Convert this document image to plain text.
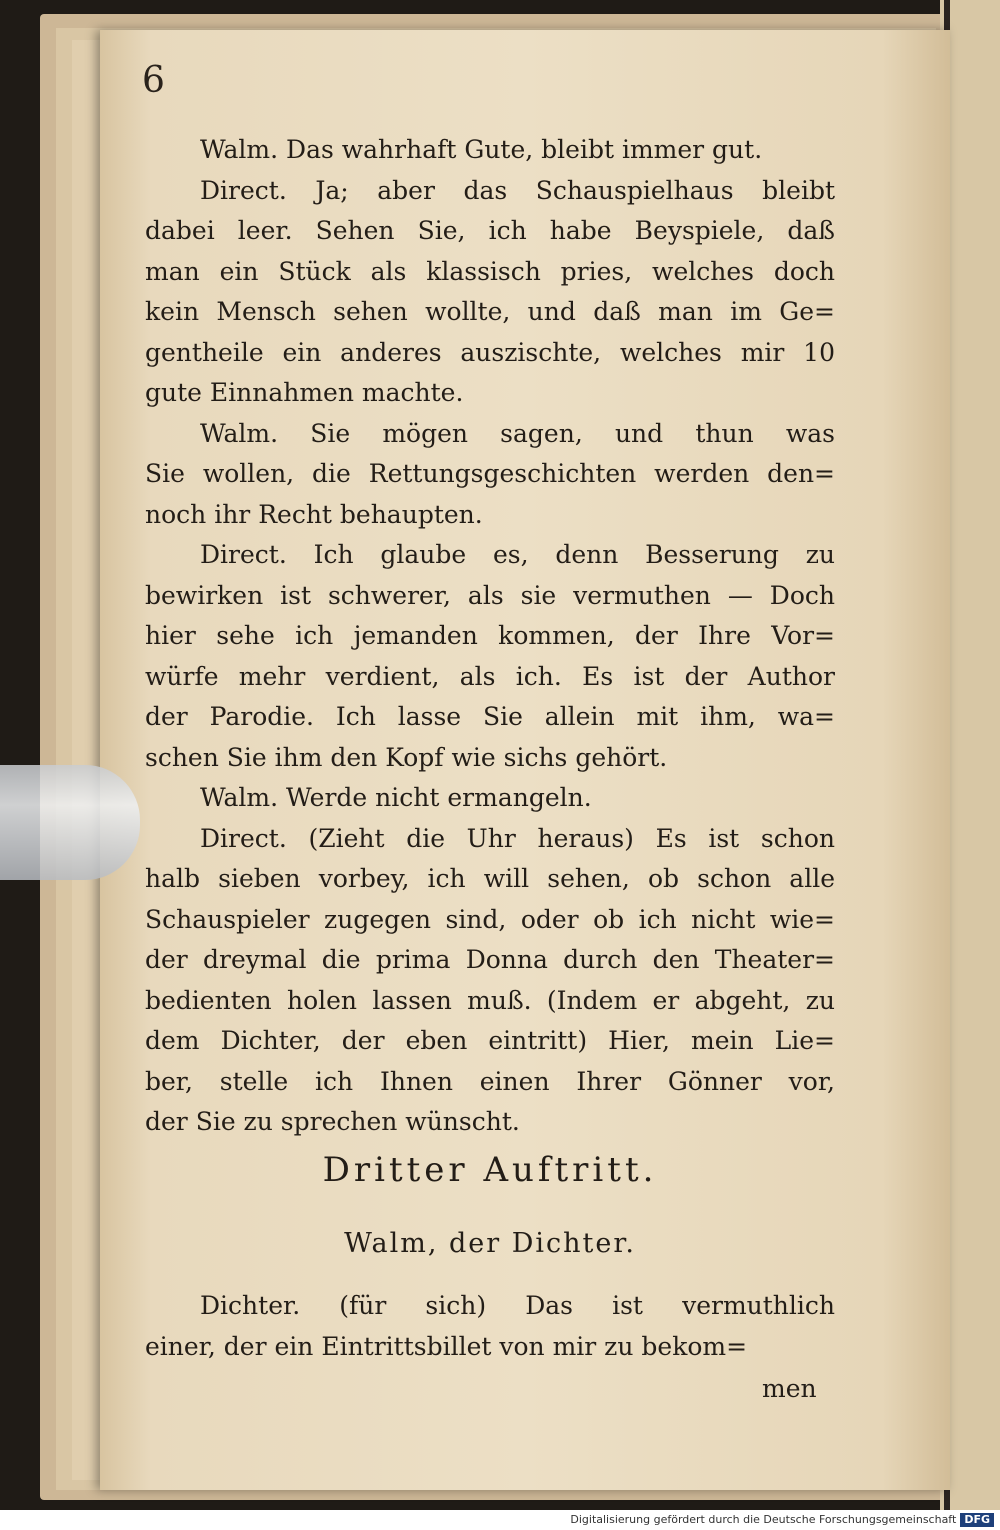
6
Walm. Das wahrhaft Gute, bleibt immer gut.
Direct. Ja; aber das Schauspielhaus bleibt
dabei leer. Sehen Sie, ich habe Beyspiele, daß
man ein Stück als klassisch pries, welches doch
kein Mensch sehen wollte, und daß man im Ge=
gentheile ein anderes auszischte, welches mir 10
gute Einnahmen machte.
Walm. Sie mögen sagen, und thun was
Sie wollen, die Rettungsgeschichten werden den=
noch ihr Recht behaupten.
Direct. Ich glaube es, denn Besserung zu
bewirken ist schwerer, als sie vermuthen — Doch
hier sehe ich jemanden kommen, der Ihre Vor=
würfe mehr verdient, als ich. Es ist der Author
der Parodie. Ich lasse Sie allein mit ihm, wa=
schen Sie ihm den Kopf wie sichs gehört.
Walm. Werde nicht ermangeln.
Direct. (Zieht die Uhr heraus) Es ist schon
halb sieben vorbey, ich will sehen, ob schon alle
Schauspieler zugegen sind, oder ob ich nicht wie=
der dreymal die prima Donna durch den Theater=
bedienten holen lassen muß. (Indem er abgeht, zu
dem Dichter, der eben eintritt) Hier, mein Lie=
ber, stelle ich Ihnen einen Ihrer Gönner vor,
der Sie zu sprechen wünscht.
Dritter Auftritt.
Walm, der Dichter.
Dichter. (für sich) Das ist vermuthlich
einer, der ein Eintrittsbillet von mir zu bekom=
men
Digitalisierung gefördert durch die Deutsche Forschungsgemeinschaft DFG
